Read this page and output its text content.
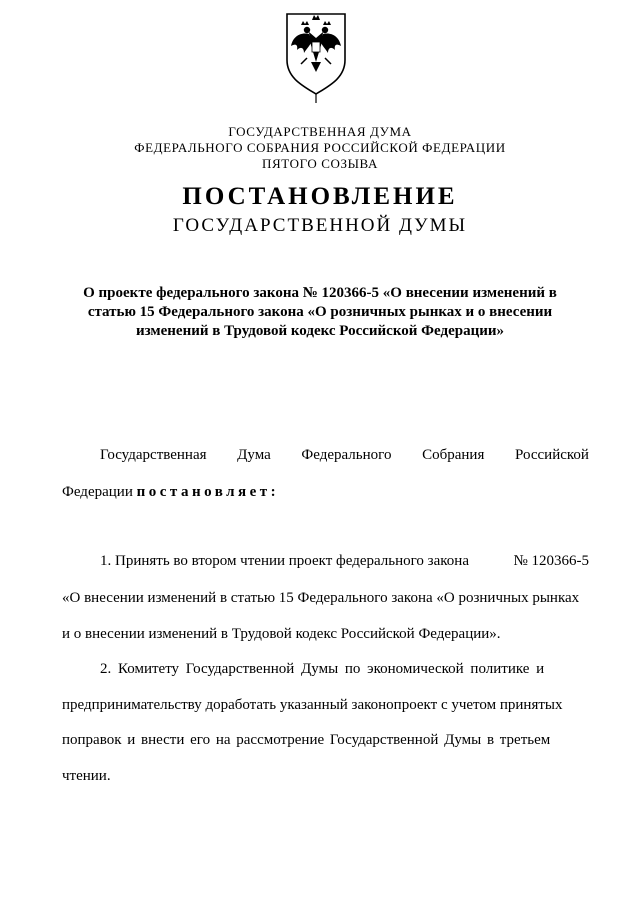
ГОСУДАРСТВЕННАЯ ДУМА
ФЕДЕРАЛЬНОГО СОБРАНИЯ РОССИЙСКОЙ ФЕДЕРАЦИИ
ПЯТОГО СОЗЫВА
ПОСТАНОВЛЕНИЕ
ГОСУДАРСТВЕННОЙ ДУМЫ
О проекте федерального закона № 120366-5 «О внесении изменений в
статью 15 Федерального закона «О розничных рынках и о внесении
изменений в Трудовой кодекс Российской Федерации»
Государственная Дума Федерального Собрания Российской
Федерации постановляет:
1. Принять во втором чтении проект федерального закона	№ 120366-5
«О внесении изменений в статью 15 Федерального закона «О розничных рынках
и о внесении изменений в Трудовой кодекс Российской Федерации».
2. Комитету Государственной Думы по экономической политике и
предпринимательству доработать указанный законопроект с учетом принятых
поправок и внести его на рассмотрение Государственной Думы в третьем
чтении.
